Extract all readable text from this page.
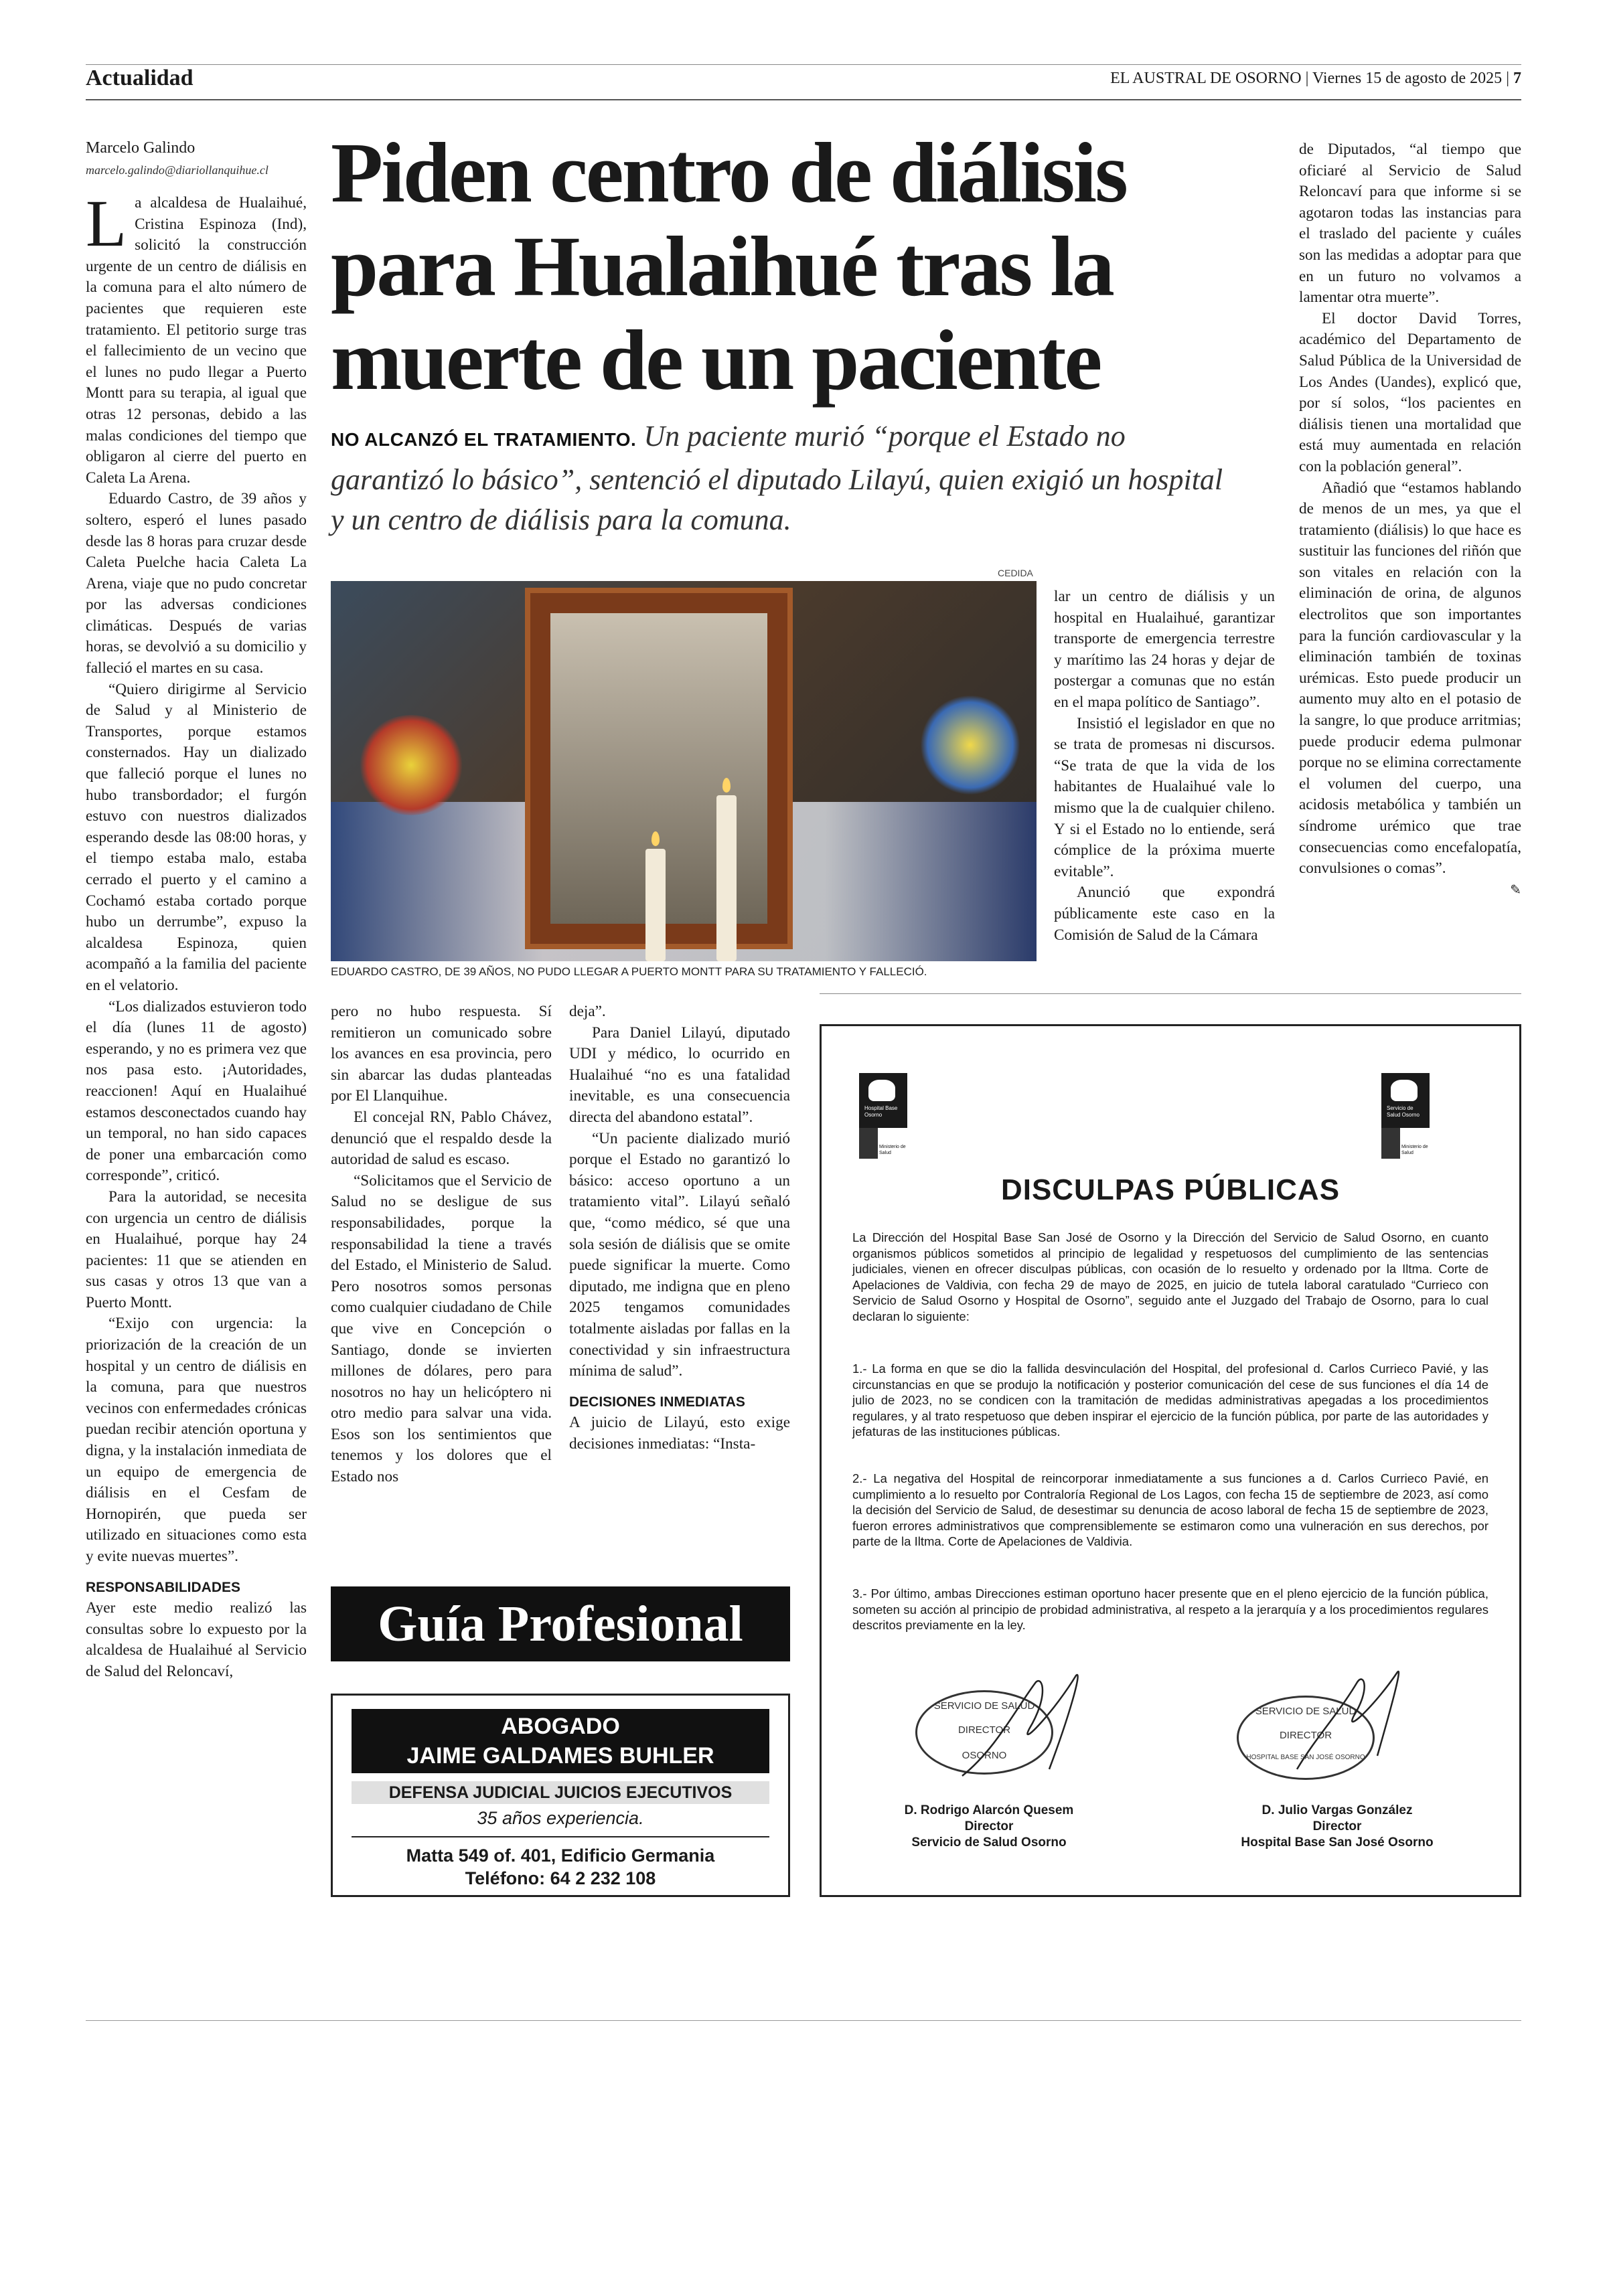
Actualidad	EL AUSTRAL DE OSORNO | Viernes 15 de agosto de 2025 | 7
Marcelo Galindo
marcelo.galindo@diariollanquihue.cl Piden centro de diálisis para Hualaihué tras la muerte de un paciente
NO ALCANZÓ EL TRATAMIENTO. Un paciente murió “porque el Estado no garantizó lo básico”, sentenció el diputado Lilayú, quien exigió un hospital y un centro de diálisis para la comuna.

La alcaldesa de Hualaihué, Cristina Espinoza (Ind), solicitó la construcción urgente de un centro de diálisis en la comuna para el alto número de pacientes que requieren este tratamiento. El petitorio surge tras el fallecimiento de un vecino que el lunes no pudo llegar a Puerto Montt para su terapia, al igual que otras 12 personas, debido a las malas condiciones del tiempo que obligaron al cierre del puerto en Caleta La Arena.

Eduardo Castro, de 39 años y soltero, esperó el lunes pasado desde las 8 horas para cruzar desde Caleta Puelche hacia Caleta La Arena, viaje que no pudo concretar por las adversas condiciones climáticas. Después de varias horas, se devolvió a su domicilio y falleció el martes en su casa.

“Quiero dirigirme al Servicio de Salud y al Ministerio de Transportes, porque estamos consternados. Hay un dializado que falleció porque el lunes no hubo transbordador; el furgón estuvo con nuestros dializados esperando desde las 08:00 horas, y el tiempo estaba malo, estaba cerrado el puerto y el camino a Cochamó estaba cortado porque hubo un derrumbe”, expuso la alcaldesa Espinoza, quien acompañó a la familia del paciente en el velatorio.

“Los dializados estuvieron todo el día (lunes 11 de agosto) esperando, y no es primera vez que nos pasa esto. ¡Autoridades, reaccionen! Aquí en Hualaihué estamos desconectados cuando hay un temporal, no han sido capaces de poner una embarcación como corresponde”, criticó.

Para la autoridad, se necesita con urgencia un centro de diálisis en Hualaihué, porque hay 24 pacientes: 11 que se atienden en sus casas y otros 13 que van a Puerto Montt.

“Exijo con urgencia: la priorización de la creación de un hospital y un centro de diálisis en la comuna, para que nuestros vecinos con enfermedades crónicas puedan recibir atención oportuna y digna, y la instalación inmediata de un equipo de emergencia de diálisis en el Cesfam de Hornopirén, que pueda ser utilizado en situaciones como esta y evite nuevas muertes”.

RESPONSABILIDADES

Ayer este medio realizó las consultas sobre lo expuesto por la alcaldesa de Hualaihué al Servicio de Salud del Reloncaví,

CEDIDA
EDUARDO CASTRO, DE 39 AÑOS, NO PUDO LLEGAR A PUERTO MONTT PARA SU TRATAMIENTO Y FALLECIÓ.

pero no hubo respuesta. Sí remitieron un comunicado sobre los avances en esa provincia, pero sin abarcar las dudas planteadas por El Llanquihue.

El concejal RN, Pablo Chávez, denunció que el respaldo desde la autoridad de salud es escaso.

“Solicitamos que el Servicio de Salud no se desligue de sus responsabilidades, porque la responsabilidad la tiene a través del Estado, el Ministerio de Salud. Pero nosotros somos personas como cualquier ciudadano de Chile que vive en Concepción o Santiago, donde se invierten millones de dólares, pero para nosotros no hay un helicóptero ni otro medio para salvar una vida. Esos son los sentimientos que tenemos y los dolores que el Estado nos

deja”.

Para Daniel Lilayú, diputado UDI y médico, lo ocurrido en Hualaihué “no es una fatalidad inevitable, es una consecuencia directa del abandono estatal”.

“Un paciente dializado murió porque el Estado no garantizó lo básico: acceso oportuno a un tratamiento vital”. Lilayú señaló que, “como médico, sé que una sola sesión de diálisis que se omite puede significar la muerte. Como diputado, me indigna que en pleno 2025 tengamos comunidades totalmente aisladas por fallas en la conectividad y sin infraestructura mínima de salud”.

DECISIONES INMEDIATAS

A juicio de Lilayú, esto exige decisiones inmediatas: “Insta-

lar un centro de diálisis y un hospital en Hualaihué, garantizar transporte de emergencia terrestre y marítimo las 24 horas y dejar de postergar a comunas que no están en el mapa político de Santiago”.

Insistió el legislador en que no se trata de promesas ni discursos. “Se trata de que la vida de los habitantes de Hualaihué vale lo mismo que la de cualquier chileno. Y si el Estado no lo entiende, será cómplice de la próxima muerte evitable”.

Anunció que expondrá públicamente este caso en la Comisión de Salud de la Cámara

de Diputados, “al tiempo que oficiaré al Servicio de Salud Reloncaví para que informe si se agotaron todas las instancias para el traslado del paciente y cuáles son las medidas a adoptar para que en un futuro no volvamos a lamentar otra muerte”.

El doctor David Torres, académico del Departamento de Salud Pública de la Universidad de Los Andes (Uandes), explicó que, por sí solos, “los pacientes en diálisis tienen una mortalidad que está muy aumentada en relación con la población general”.

Añadió que “estamos hablando de menos de un mes, ya que el tratamiento (diálisis) lo que hace es sustituir las funciones del riñón que son vitales en relación con la eliminación de orina, de algunos electrolitos que son importantes para la función cardiovascular y la eliminación también de toxinas urémicas. Esto puede producir un aumento muy alto en el potasio de la sangre, lo que produce arritmias; puede producir edema pulmonar porque no se elimina correctamente el volumen del cuerpo, una acidosis metabólica y también un síndrome urémico que trae consecuencias como encefalopatía, convulsiones o comas”.

✎
Guía Profesional
ABOGADO
JAIME GALDAMES BUHLER
DEFENSA JUDICIAL JUICIOS EJECUTIVOS
35 años experiencia.
Matta 549 of. 401, Edificio Germania
Teléfono: 64 2 232 108
Hospital Base Osorno
Ministerio de Salud
Servicio de Salud Osorno
Ministerio de Salud
DISCULPAS PÚBLICAS
La Dirección del Hospital Base San José de Osorno y la Dirección del Servicio de Salud Osorno, en cuanto organismos públicos sometidos al principio de legalidad y respetuosos del cumplimiento de las sentencias judiciales, vienen en ofrecer disculpas públicas, con ocasión de lo resuelto y ordenado por la Iltma. Corte de Apelaciones de Valdivia, con fecha 29 de mayo de 2025, en juicio de tutela laboral caratulado “Currieco con Servicio de Salud Osorno y Hospital de Osorno”, seguido ante el Juzgado del Trabajo de Osorno, para lo cual declaran lo siguiente:
1.- La forma en que se dio la fallida desvinculación del Hospital, del profesional d. Carlos Currieco Pavié, y las circunstancias en que se produjo la notificación y posterior comunicación del cese de sus funciones el día 14 de julio de 2023, no se condicen con la tramitación de medidas administrativas apegadas a los procedimientos regulares, y al trato respetuoso que deben inspirar el ejercicio de la función pública, por parte de las autoridades y jefaturas de las instituciones públicas.
2.- La negativa del Hospital de reincorporar inmediatamente a sus funciones a d. Carlos Currieco Pavié, en cumplimiento a lo resuelto por Contraloría Regional de Los Lagos, con fecha 15 de septiembre de 2023, así como la decisión del Servicio de Salud, de desestimar su denuncia de acoso laboral de fecha 15 de septiembre de 2023, fueron errores administrativos que comprensiblemente se estimaron como una vulneración en sus derechos, por parte de la Iltma. Corte de Apelaciones de Valdivia.
3.- Por último, ambas Direcciones estiman oportuno hacer presente que en el pleno ejercicio de la función pública, someten su acción al principio de probidad administrativa, al respeto a la jerarquía y a los procedimientos regulares descritos previamente en la ley.
SERVICIO DE SALUD
DIRECTOR
OSORNO
SERVICIO DE SALUD
DIRECTOR
HOSPITAL BASE SAN JOSÉ OSORNO
D. Rodrigo Alarcón Quesem
Director
Servicio de Salud Osorno
D. Julio Vargas González
Director
Hospital Base San José Osorno
